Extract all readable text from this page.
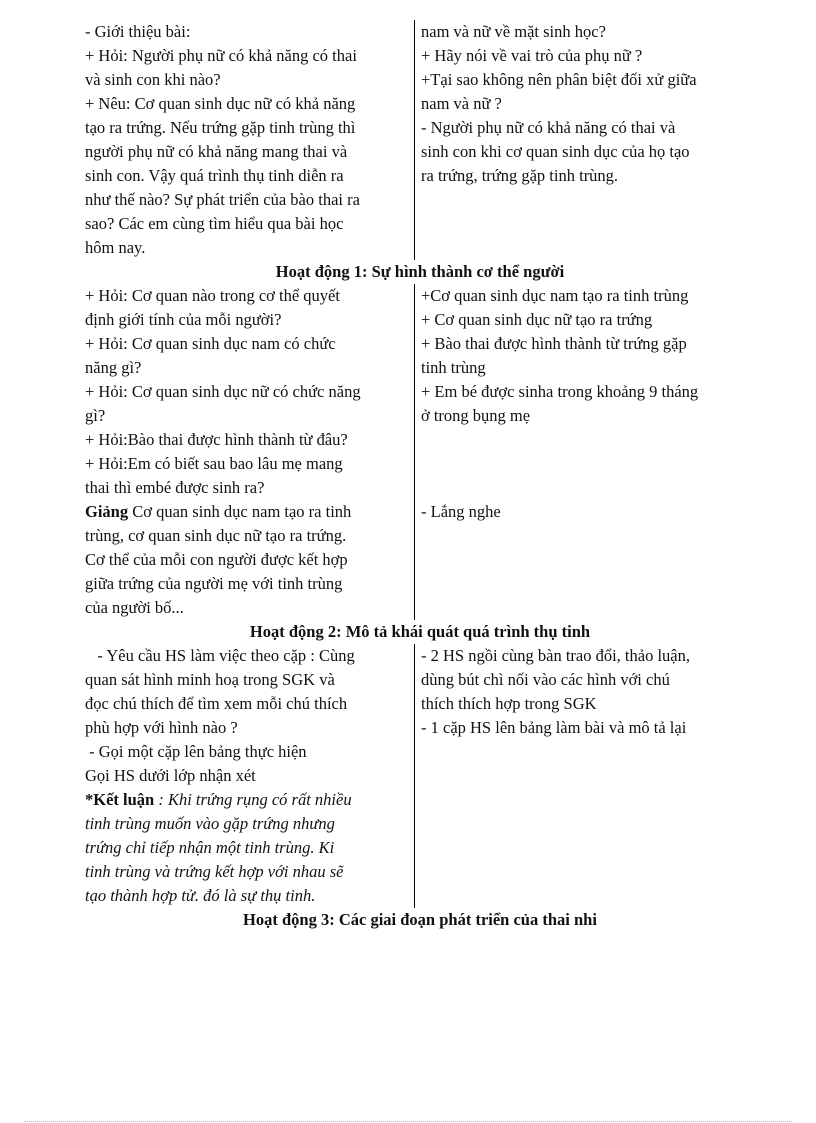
- Giới thiệu bài:
+ Hỏi: Người phụ nữ có khả năng có thai
và sinh con khi nào?
+ Nêu: Cơ quan sinh dục nữ có khả năng
tạo ra trứng. Nếu trứng gặp tinh trùng thì
người phụ nữ có khả năng mang thai và
sinh con. Vậy quá trình thụ tinh diễn ra
như thế nào? Sự phát triển của bào thai ra
sao? Các em cùng tìm hiểu qua bài học
hôm nay.
nam và nữ về mặt sinh học?
+ Hãy nói về vai trò của phụ nữ ?
+Tại sao không nên phân biệt đối xử giữa
nam và nữ ?
- Người phụ nữ có khả năng có thai và
sinh con khi cơ quan sinh dục của họ tạo
ra trứng, trứng gặp tinh trùng.
Hoạt động 1: Sự hình thành cơ thể người
+ Hỏi: Cơ quan nào trong cơ thể quyết
định giới tính của mỗi người?
+ Hỏi: Cơ quan sinh dục nam có chức
năng gì?
+ Hỏi: Cơ quan sinh dục nữ có chức năng
gì?
+ Hỏi:Bào thai được hình thành từ đâu?
+ Hỏi:Em có biết sau bao lâu mẹ mang
thai thì embé được sinh ra?
Giảng Cơ quan sinh dục nam tạo ra tinh
trùng, cơ quan sinh dục nữ tạo ra trứng.
Cơ thể của mỗi con người được kết hợp
giữa trứng của người mẹ với tinh trùng
của người bố...
+Cơ quan sinh dục nam tạo ra tinh trùng
+ Cơ quan sinh dục nữ tạo ra trứng
+ Bào thai được hình thành từ trứng gặp
tinh trùng
+ Em bé được sinha trong khoảng 9 tháng
ở trong bụng mẹ
- Lắng nghe
Hoạt động 2: Mô tả khái quát quá trình thụ tinh
- Yêu cầu HS làm việc theo cặp : Cùng
quan sát hình minh hoạ trong SGK và
đọc chú thích để tìm xem mỗi chú thích
phù hợp với hình nào ?
- Gọi một cặp lên bảng thực hiện
Gọi HS dưới lớp nhận xét
*Kết luận : Khi trứng rụng có rất nhiều
tinh trùng muốn vào gặp trứng nhưng
trứng chỉ tiếp nhận một tinh trùng. Ki
tinh trùng và trứng kết hợp với nhau sẽ
tạo thành hợp tử. đó là sự thụ tinh.
- 2 HS ngồi cùng bàn trao đổi, thảo luận,
dùng bút chì nối vào các hình với chú
thích thích hợp trong SGK
- 1 cặp HS lên bảng làm bài và mô tả lại
Hoạt động 3: Các giai đoạn phát triển của thai nhi
